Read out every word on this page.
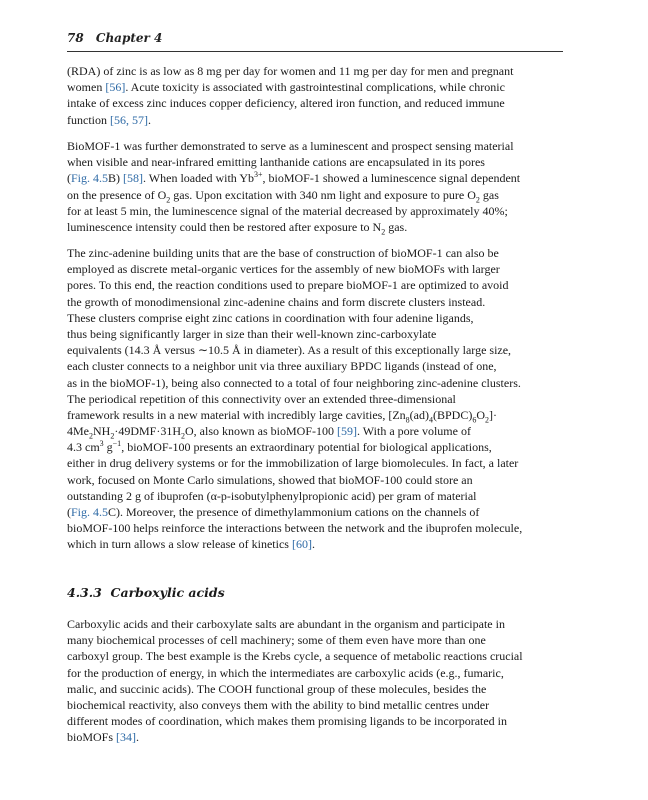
78 Chapter 4
(RDA) of zinc is as low as 8 mg per day for women and 11 mg per day for men and pregnant
women [56]. Acute toxicity is associated with gastrointestinal complications, while chronic
intake of excess zinc induces copper deficiency, altered iron function, and reduced immune
function [56, 57].
BioMOF-1 was further demonstrated to serve as a luminescent and prospect sensing material
when visible and near-infrared emitting lanthanide cations are encapsulated in its pores
(Fig. 4.5B) [58]. When loaded with $Yb^{3+}$, bioMOF-1 showed a luminescence signal dependent
on the presence of $O_2$ gas. Upon excitation with 340 nm light and exposure to pure $O_2$ gas
for at least 5 min, the luminescence signal of the material decreased by approximately 40%;
luminescence intensity could then be restored after exposure to $N_2$ gas.
The zinc-adenine building units that are the base of construction of bioMOF-1 can also be
employed as discrete metal-organic vertices for the assembly of new bioMOFs with larger
pores. To this end, the reaction conditions used to prepare bioMOF-1 are optimized to avoid
the growth of monodimensional zinc-adenine chains and form discrete clusters instead.
These clusters comprise eight zinc cations in coordination with four adenine ligands,
thus being significantly larger in size than their well-known zinc-carboxylate
equivalents (14.3 Å versus ∼10.5 Å in diameter). As a result of this exceptionally large size,
each cluster connects to a neighbor unit via three auxiliary BPDC ligands (instead of one,
as in the bioMOF-1), being also connected to a total of four neighboring zinc-adenine clusters.
The periodical repetition of this connectivity over an extended three-dimensional
framework results in a new material with incredibly large cavities, $[Zn_8(ad)_4(BPDC)_6O_2]\cdot$
$4Me_2NH_2\cdot 49DMF\cdot 31H_2O$, also known as bioMOF-100 [59]. With a pore volume of
4.3 $cm^3$ $g^{-1}$, bioMOF-100 presents an extraordinary potential for biological applications,
either in drug delivery systems or for the immobilization of large biomolecules. In fact, a later
work, focused on Monte Carlo simulations, showed that bioMOF-100 could store an
outstanding 2 g of ibuprofen (α-p-isobutylphenylpropionic acid) per gram of material
(Fig. 4.5C). Moreover, the presence of dimethylammonium cations on the channels of
bioMOF-100 helps reinforce the interactions between the network and the ibuprofen molecule,
which in turn allows a slow release of kinetics [60].
4.3.3 Carboxylic acids
Carboxylic acids and their carboxylate salts are abundant in the organism and participate in
many biochemical processes of cell machinery; some of them even have more than one
carboxyl group. The best example is the Krebs cycle, a sequence of metabolic reactions crucial
for the production of energy, in which the intermediates are carboxylic acids (e.g., fumaric,
malic, and succinic acids). The COOH functional group of these molecules, besides the
biochemical reactivity, also conveys them with the ability to bind metallic centres under
different modes of coordination, which makes them promising ligands to be incorporated in
bioMOFs [34].
